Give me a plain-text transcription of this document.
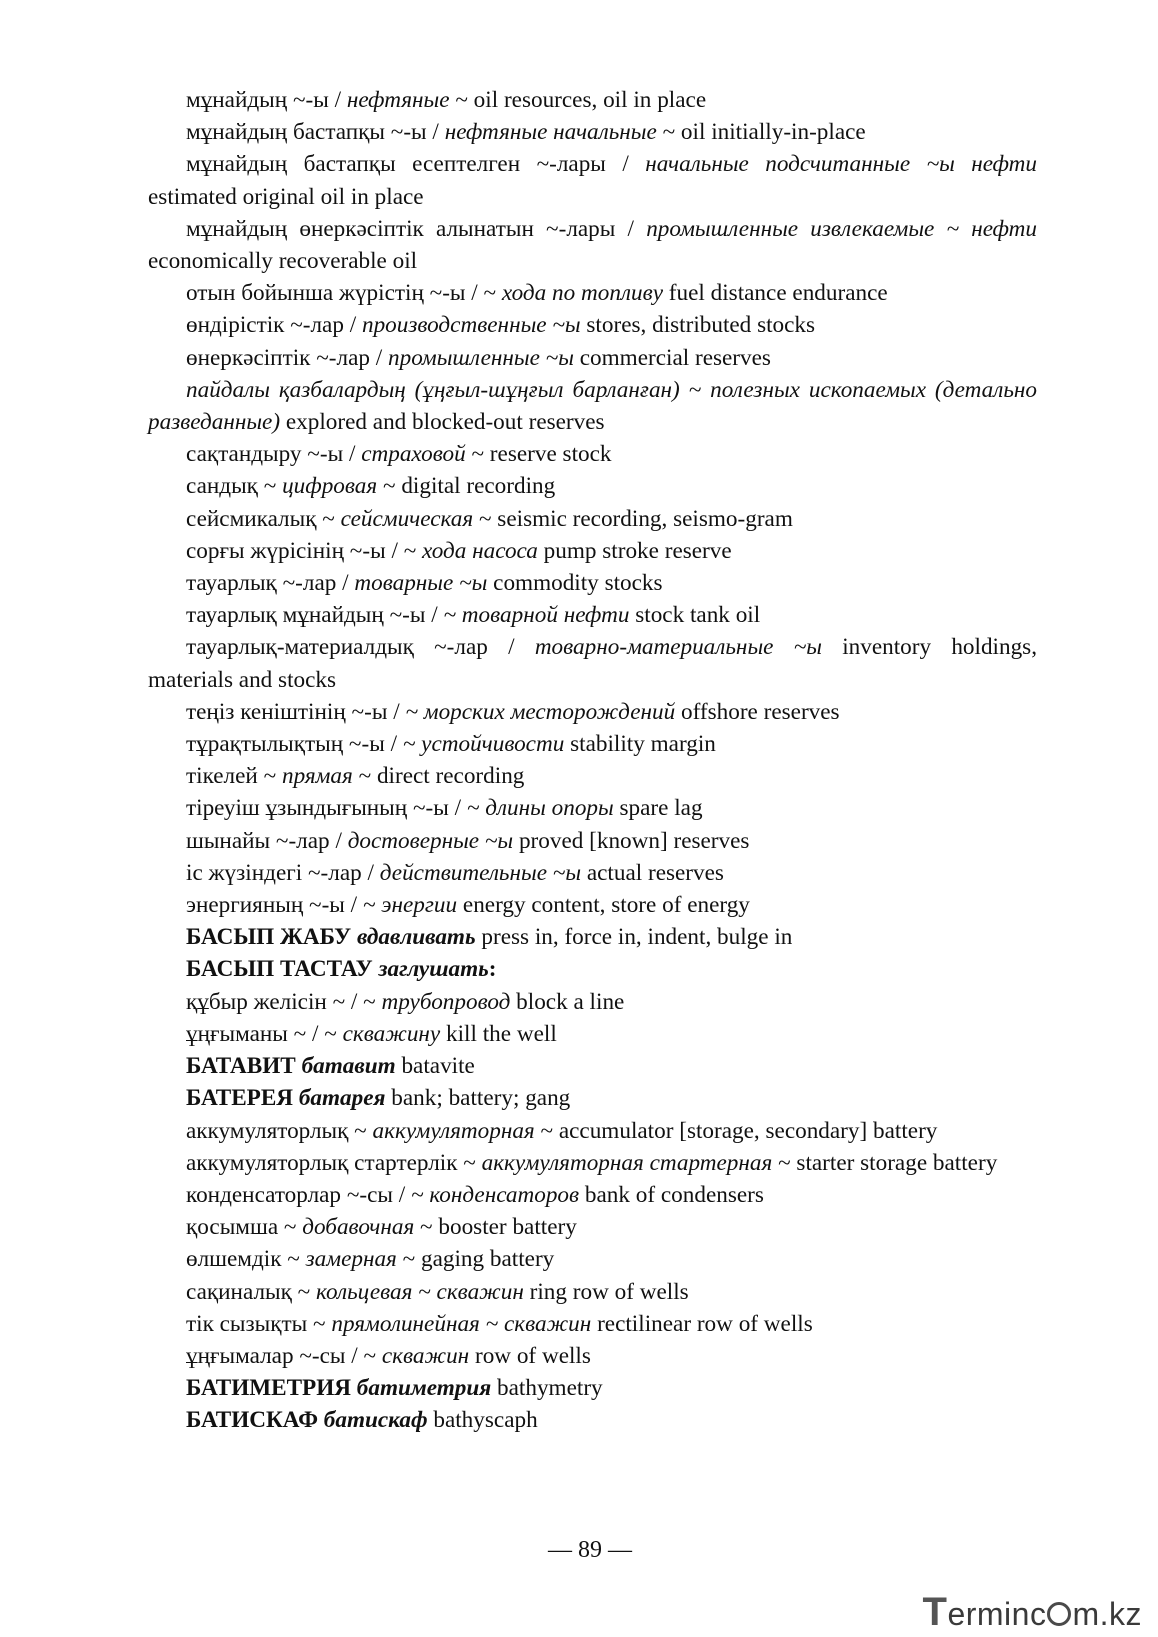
мұнайдың ~-ы / нефтяные ~ oil resources, oil in place

мұнайдың бастапқы ~-ы / нефтяные начальные ~ oil initially-in-place

мұнайдың бастапқы есептелген ~-лары / начальные подсчитанные ~ы нефти estimated original oil in place

мұнайдың өнеркәсіптік алынатын ~-лары / промышленные извлекаемые ~ нефти economically recoverable oil

отын бойынша жүрістің ~-ы / ~ хода по топливу fuel distance endurance

өндірістік ~-лар / производственные ~ы stores, distributed stocks

өнеркәсіптік ~-лар / промышленные ~ы commercial reserves

пайдалы қазбалардың (ұңғыл-шұңғыл барланған) ~ полезных ископаемых (детально разведанные) explored and blocked-out reserves

сақтандыру ~-ы / страховой ~ reserve stock

сандық ~ цифровая ~ digital recording

сейсмикалық ~ сейсмическая ~ seismic recording, seismo-gram

сорғы жүрісінің ~-ы / ~ хода насоса pump stroke reserve

тауарлық ~-лар / товарные ~ы commodity stocks

тауарлық мұнайдың ~-ы / ~ товарной нефти stock tank oil

тауарлық-материалдық ~-лар / товарно-материальные ~ы inventory holdings, materials and stocks

теңіз кеніштінің ~-ы / ~ морских месторождений offshore reserves

тұрақтылықтың ~-ы / ~ устойчивости stability margin

тікелей ~ прямая ~ direct recording

тіреуіш ұзындығының ~-ы / ~ длины опоры spare lag

шынайы ~-лар / достоверные ~ы proved [known] reserves

іс жүзіндегі ~-лар / действительные ~ы actual reserves

энергияның ~-ы / ~ энергии energy content, store of energy

БАСЫП ЖАБУ вдавливать press in, force in, indent, bulge in

БАСЫП ТАСТАУ заглушать:

құбыр желісін ~ / ~ трубопровод block a line

ұңғыманы ~ / ~ скважину kill the well

БАТАВИТ батавит batavite

БАТЕРЕЯ батарея bank; battery; gang

аккумуляторлық ~ аккумуляторная ~ accumulator [storage, secondary] battery

аккумуляторлық стартерлік ~ аккумуляторная стартерная ~ starter storage battery

конденсаторлар ~-сы / ~ конденсаторов bank of condensers

қосымша ~ добавочная ~ booster battery

өлшемдік ~ замерная ~ gaging battery

сақиналық ~ кольцевая ~ скважин ring row of wells

тік сызықты ~ прямолинейная ~ скважин rectilinear row of wells

ұңғымалар ~-сы / ~ скважин row of wells

БАТИМЕТРИЯ батиметрия bathymetry

БАТИСКАФ батискаф bathyscaph

— 89 —
Terminc m.kz
